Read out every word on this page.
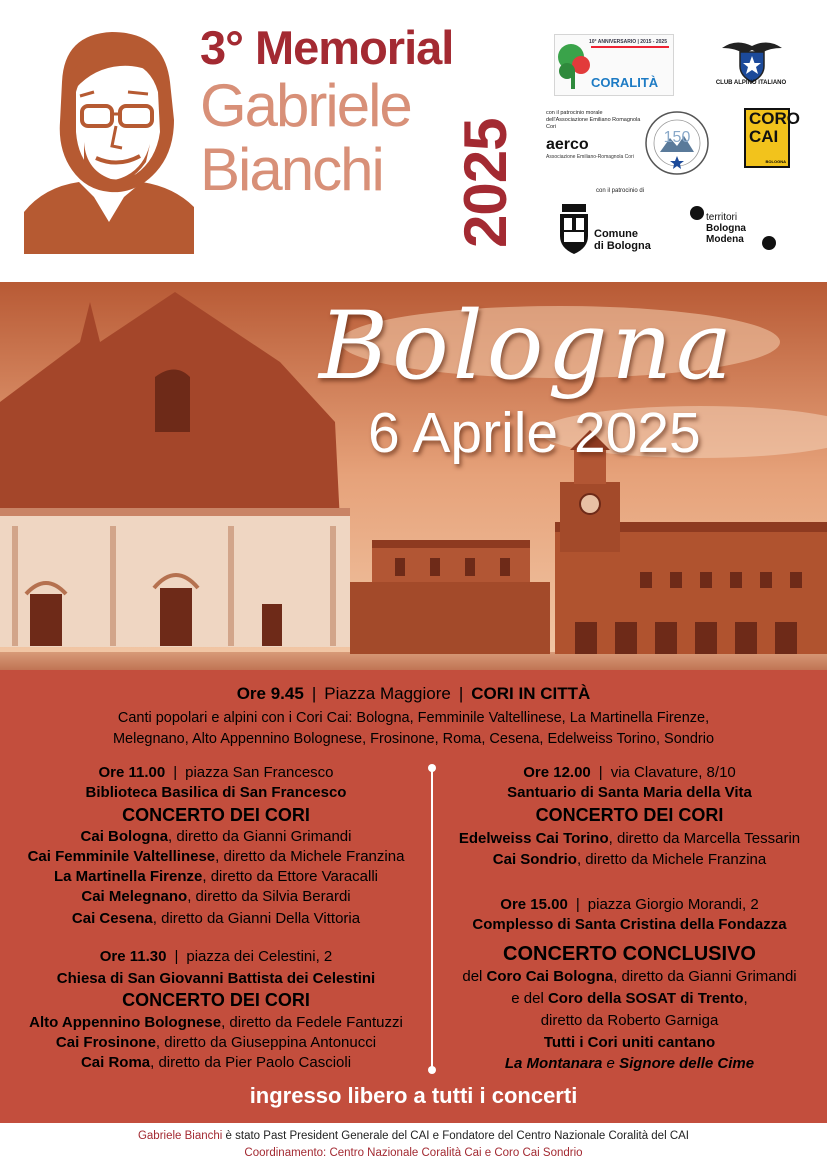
3° Memorial
Gabriele
Bianchi	2025
10° ANNIVERSARIO | 2015 - 2025
CORALITÀ	CLUB ALPINO ITALIANO
con il patrocinio morale dell'Associazione Emiliano Romagnola Cori
aerco
Associazione Emiliano-Romagnola Cori
150
CORO
CAI
BOLOGNA
con il patrocinio di
Comune
di Bologna
territori
Bologna
Modena
Bologna
6 Aprile 2025
Ore 9.45 | Piazza Maggiore | CORI IN CITTÀ
Canti popolari e alpini con i Cori Cai: Bologna, Femminile Valtellinese, La Martinella Firenze,
Melegnano, Alto Appennino Bolognese, Frosinone, Roma, Cesena, Edelweiss Torino, Sondrio
Ore 11.00 | piazza San Francesco
Biblioteca Basilica di San Francesco
CONCERTO DEI CORI
Cai Bologna, diretto da Gianni Grimandi
Cai Femminile Valtellinese, diretto da Michele Franzina
La Martinella Firenze, diretto da Ettore Varacalli
Cai Melegnano, diretto da Silvia Berardi
Cai Cesena, diretto da Gianni Della Vittoria
Ore 11.30 | piazza dei Celestini, 2
Chiesa di San Giovanni Battista dei Celestini
CONCERTO DEI CORI
Alto Appennino Bolognese, diretto da Fedele Fantuzzi
Cai Frosinone, diretto da Giuseppina Antonucci
Cai Roma, diretto da Pier Paolo Cascioli
Ore 12.00 | via Clavature, 8/10
Santuario di Santa Maria della Vita
CONCERTO DEI CORI
Edelweiss Cai Torino, diretto da Marcella Tessarin
Cai Sondrio, diretto da Michele Franzina
Ore 15.00 | piazza Giorgio Morandi, 2
Complesso di Santa Cristina della Fondazza
CONCERTO CONCLUSIVO
del Coro Cai Bologna, diretto da Gianni Grimandi
e del Coro della SOSAT di Trento,
diretto da Roberto Garniga
Tutti i Cori uniti cantano
La Montanara e Signore delle Cime
ingresso libero a tutti i concerti
Gabriele Bianchi è stato Past President Generale del CAI e Fondatore del Centro Nazionale Coralità del CAI
Coordinamento: Centro Nazionale Coralità Cai e Coro Cai Sondrio
